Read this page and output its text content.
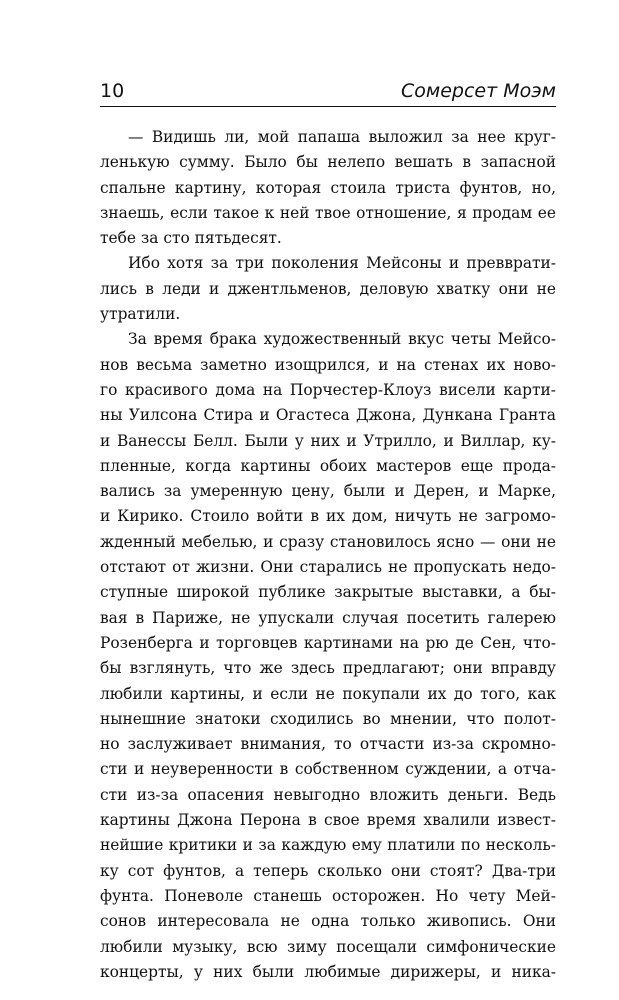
10	Сомерсет Моэм
— Видишь ли, мой папаша выложил за нее круг-
ленькую сумму. Было бы нелепо вешать в запасной
спальне картину, которая стоила триста фунтов, но,
знаешь, если такое к ней твое отношение, я продам ее
тебе за сто пятьдесят.
Ибо хотя за три поколения Мейсоны и превврати-
лись в леди и джентльменов, деловую хватку они не
утратили.
За время брака художественный вкус четы Мейсо-
нов весьма заметно изощрился, и на стенах их ново-
го красивого дома на Порчестер-Клоуз висели карти-
ны Уилсона Стира и Огастеса Джона, Дункана Гранта
и Ванессы Белл. Были у них и Утрилло, и Виллар, ку-
пленные, когда картины обоих мастеров еще прода-
вались за умеренную цену, были и Дерен, и Марке,
и Кирико. Стоило войти в их дом, ничуть не загромо-
жденный мебелью, и сразу становилось ясно — они не
отстают от жизни. Они старались не пропускать недо-
ступные широкой публике закрытые выставки, а бы-
вая в Париже, не упускали случая посетить галерею
Розенберга и торговцев картинами на рю де Сен, что-
бы взглянуть, что же здесь предлагают; они вправду
любили картины, и если не покупали их до того, как
нынешние знатоки сходились во мнении, что полот-
но заслуживает внимания, то отчасти из-за скромно-
сти и неуверенности в собственном суждении, а отча-
сти из-за опасения невыгодно вложить деньги. Ведь
картины Джона Перона в свое время хвалили извест-
нейшие критики и за каждую ему платили по несколь-
ку сот фунтов, а теперь сколько они стоят? Два-три
фунта. Поневоле станешь осторожен. Но чету Мей-
сонов интересовала не одна только живопись. Они
любили музыку, всю зиму посещали симфонические
концерты, у них были любимые дирижеры, и ника-
